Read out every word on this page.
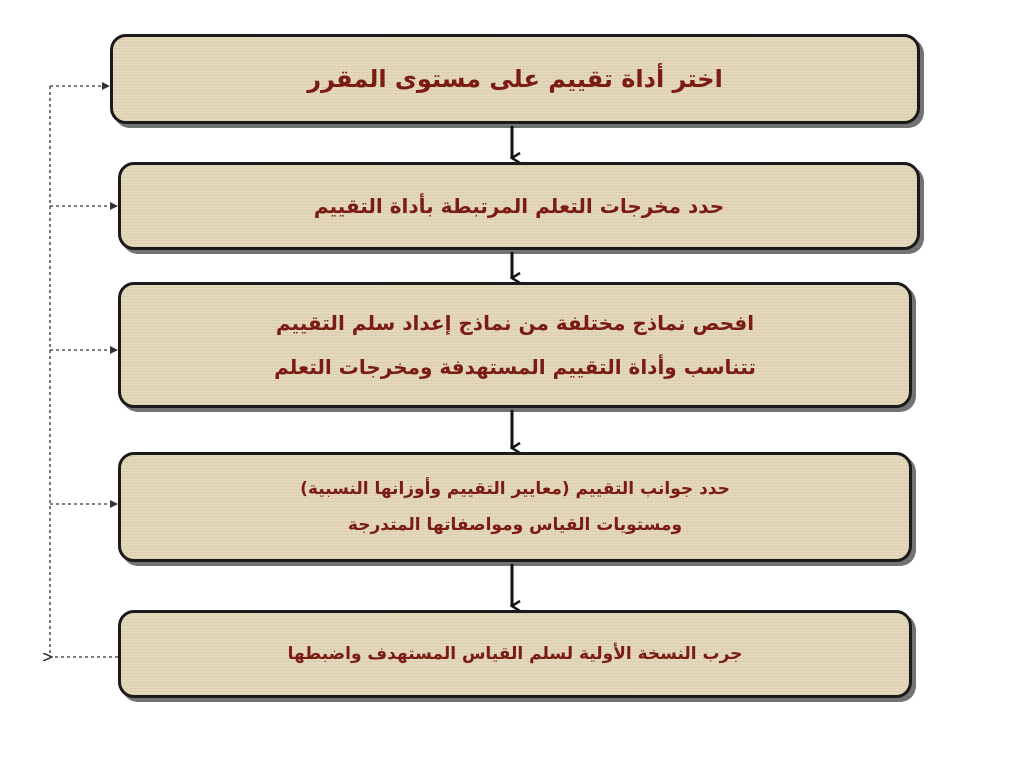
اختر أداة تقييم على مستوى المقرر
حدد مخرجات التعلم المرتبطة بأداة التقييم
افحص نماذج مختلفة من نماذج إعداد سلم التقييم
تتناسب وأداة التقييم المستهدفة ومخرجات التعلم
حدد جوانب التقييم (معايير التقييم وأوزانها النسبية)
ومستويات القياس ومواصفاتها المتدرجة
جرب النسخة الأولية لسلم القياس المستهدف واضبطها
